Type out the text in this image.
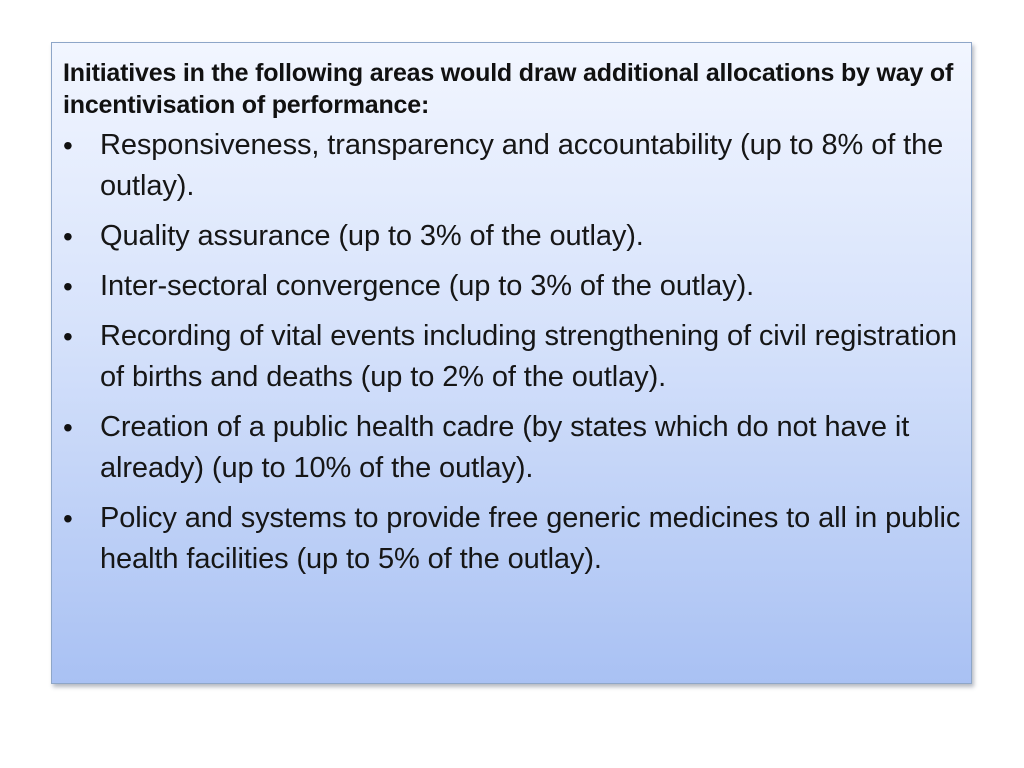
Initiatives in the following areas would draw additional allocations by way of incentivisation of performance:

• Responsiveness, transparency and accountability (up to 8% of the outlay).
• Quality assurance (up to 3% of the outlay).
• Inter-sectoral convergence (up to 3% of the outlay).
• Recording of vital events including strengthening of civil registration of births and deaths (up to 2% of the outlay).
• Creation of a public health cadre (by states which do not have it already) (up to 10% of the outlay).
• Policy and systems to provide free generic medicines to all in public health facilities (up to 5% of the outlay).
